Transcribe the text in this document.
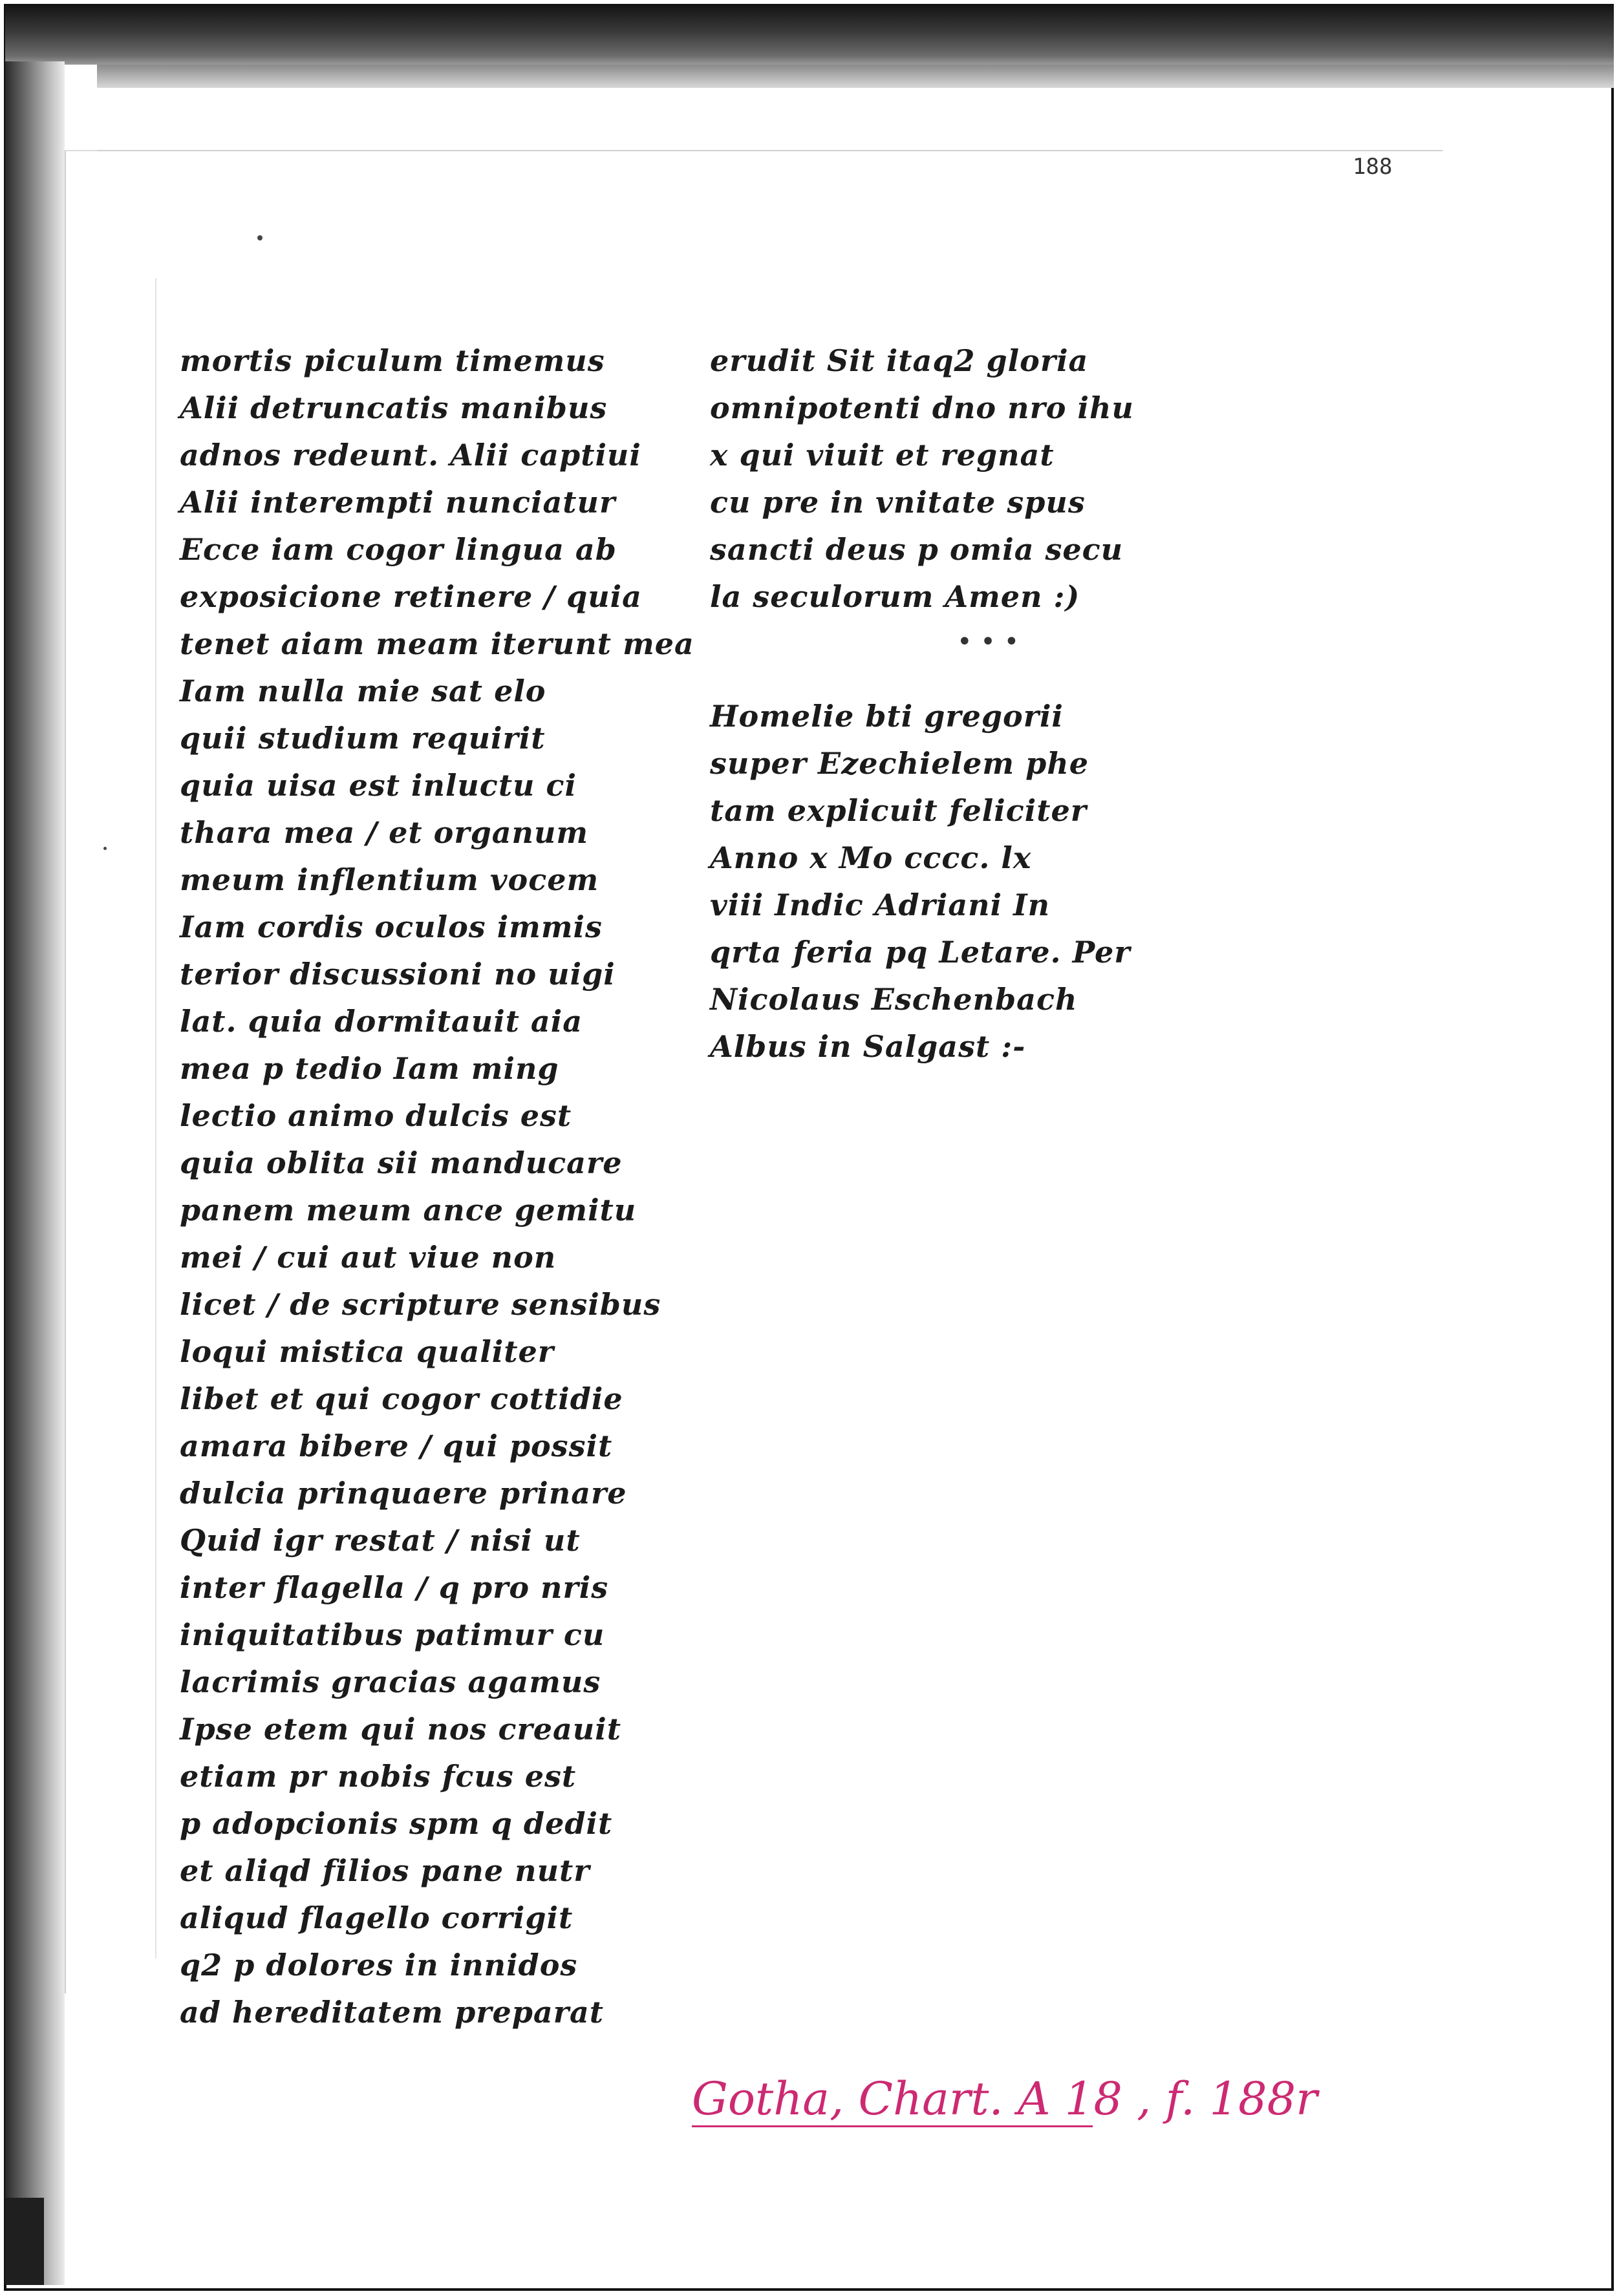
188
mortis piculum timemus
Alii detruncatis manibus
adnos redeunt. Alii captiui
Alii interempti nunciatur
Ecce iam cogor lingua ab
exposicione retinere / quia
tenet aiam meam iterunt mea
Iam nulla mie sat elo
quii studium requirit
quia uisa est inluctu ci
thara mea / et organum
meum inflentium vocem
Iam cordis oculos immis
terior discussioni no uigi
lat. quia dormitauit aia
mea p tedio Iam ming
lectio animo dulcis est
quia oblita sii manducare
panem meum ance gemitu
mei / cui aut viue non
licet / de scripture sensibus
loqui mistica qualiter
libet et qui cogor cottidie
amara bibere / qui possit
dulcia prinquaere prinare
Quid igr restat / nisi ut
inter flagella / q pro nris
iniquitatibus patimur cu
lacrimis gracias agamus
Ipse etem qui nos creauit
etiam pr nobis fcus est
p adopcionis spm q dedit
et aliqd filios pane nutr
aliqud flagello corrigit
q2 p dolores in innidos
ad hereditatem preparat
erudit Sit itaq2 gloria
omnipotenti dno nro ihu
x qui viuit et regnat
cu pre in vnitate spus
sancti deus p omia secu
la seculorum Amen :)
• • •
Homelie bti gregorii
super Ezechielem phe
tam explicuit feliciter
Anno x Mo cccc. lx
viii Indic Adriani In
qrta feria pq Letare. Per
Nicolaus Eschenbach
Albus in Salgast :-
Gotha, Chart. A 18 , f. 188r
